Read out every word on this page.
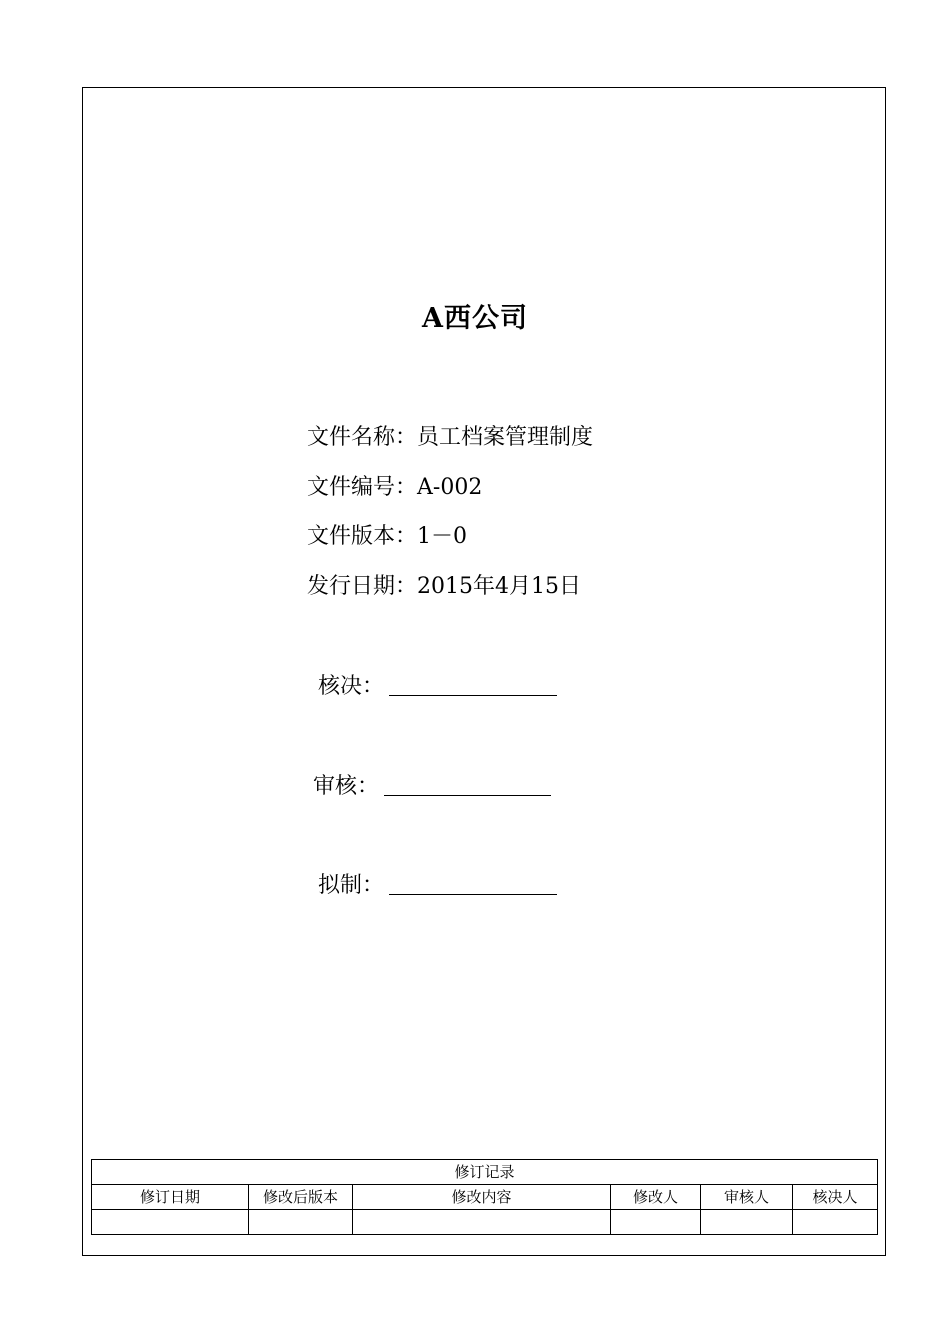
A西公司
文件名称：员工档案管理制度
文件编号：A-002
文件版本：1－0
发行日期：2015年4月15日
核决：
审核：
拟制：
修订记录					
修订日期	修改后版本	修改内容	修改人	审核人	核决人
